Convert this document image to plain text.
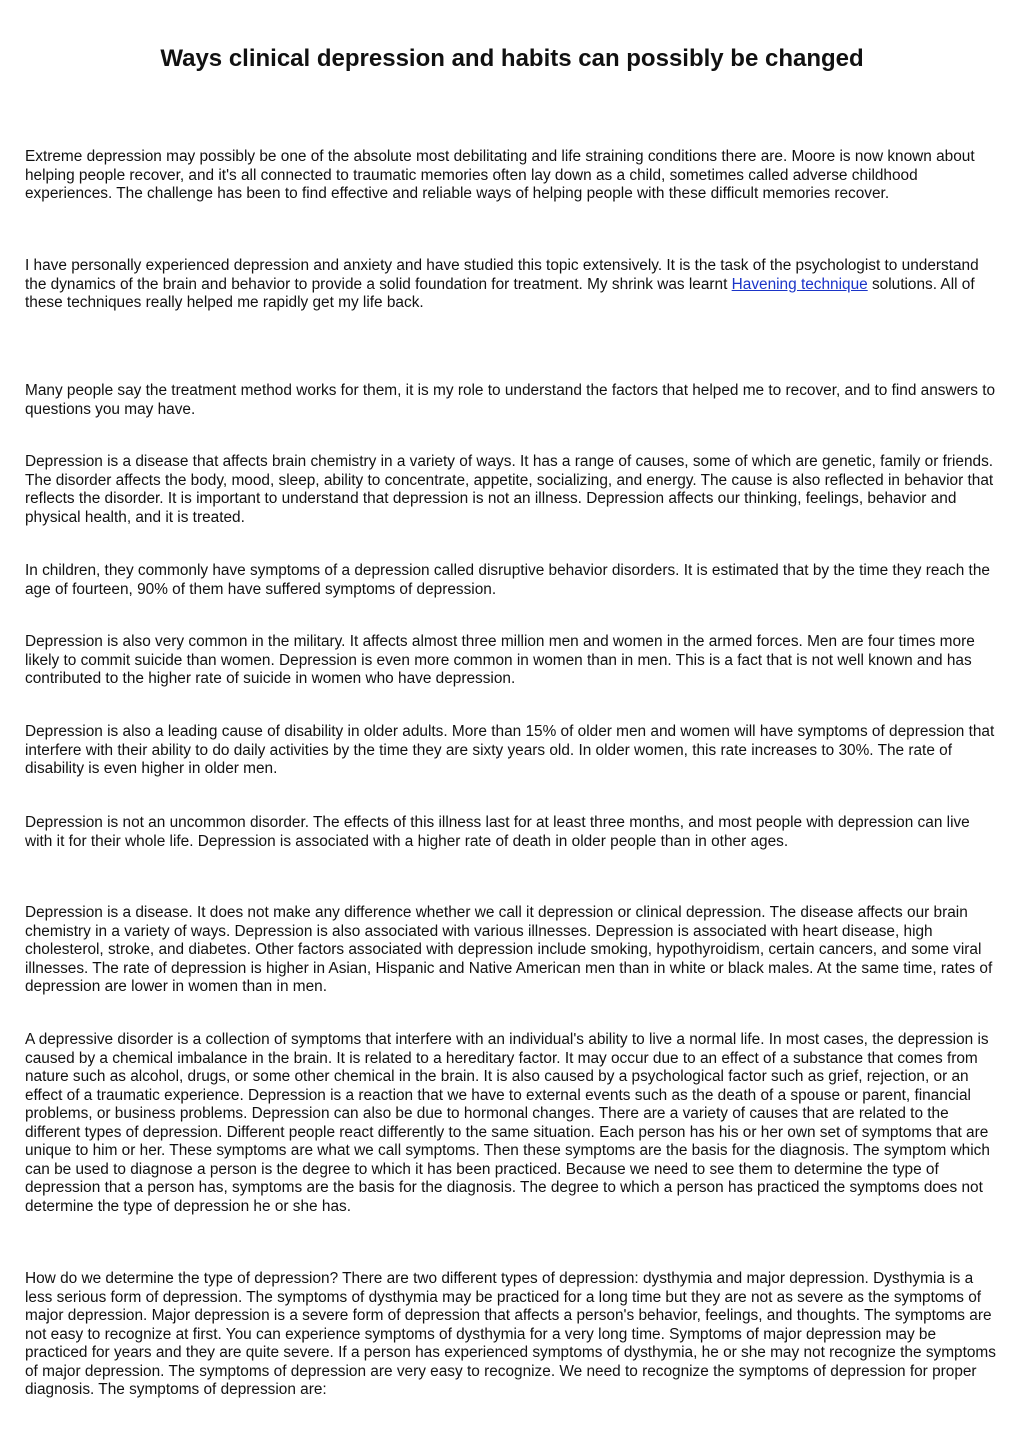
Ways clinical depression and habits can possibly be changed

Extreme depression may possibly be one of the absolute most debilitating and life straining conditions there are. Moore is now known about helping people recover, and it's all connected to traumatic memories often lay down as a child, sometimes called adverse childhood experiences. The challenge has been to find effective and reliable ways of helping people with these difficult memories recover.

I have personally experienced depression and anxiety and have studied this topic extensively. It is the task of the psychologist to understand the dynamics of the brain and behavior to provide a solid foundation for treatment. My shrink was learnt Havening technique solutions. All of these techniques really helped me rapidly get my life back.

Many people say the treatment method works for them, it is my role to understand the factors that helped me to recover, and to find answers to questions you may have.

Depression is a disease that affects brain chemistry in a variety of ways. It has a range of causes, some of which are genetic, family or friends. The disorder affects the body, mood, sleep, ability to concentrate, appetite, socializing, and energy. The cause is also reflected in behavior that reflects the disorder. It is important to understand that depression is not an illness. Depression affects our thinking, feelings, behavior and physical health, and it is treated.

In children, they commonly have symptoms of a depression called disruptive behavior disorders. It is estimated that by the time they reach the age of fourteen, 90% of them have suffered symptoms of depression.

Depression is also very common in the military. It affects almost three million men and women in the armed forces. Men are four times more likely to commit suicide than women. Depression is even more common in women than in men. This is a fact that is not well known and has contributed to the higher rate of suicide in women who have depression.

Depression is also a leading cause of disability in older adults. More than 15% of older men and women will have symptoms of depression that interfere with their ability to do daily activities by the time they are sixty years old. In older women, this rate increases to 30%. The rate of disability is even higher in older men.

Depression is not an uncommon disorder. The effects of this illness last for at least three months, and most people with depression can live with it for their whole life. Depression is associated with a higher rate of death in older people than in other ages.

Depression is a disease. It does not make any difference whether we call it depression or clinical depression. The disease affects our brain chemistry in a variety of ways. Depression is also associated with various illnesses. Depression is associated with heart disease, high cholesterol, stroke, and diabetes. Other factors associated with depression include smoking, hypothyroidism, certain cancers, and some viral illnesses. The rate of depression is higher in Asian, Hispanic and Native American men than in white or black males. At the same time, rates of depression are lower in women than in men.

A depressive disorder is a collection of symptoms that interfere with an individual's ability to live a normal life. In most cases, the depression is caused by a chemical imbalance in the brain. It is related to a hereditary factor. It may occur due to an effect of a substance that comes from nature such as alcohol, drugs, or some other chemical in the brain. It is also caused by a psychological factor such as grief, rejection, or an effect of a traumatic experience. Depression is a reaction that we have to external events such as the death of a spouse or parent, financial problems, or business problems. Depression can also be due to hormonal changes. There are a variety of causes that are related to the different types of depression. Different people react differently to the same situation. Each person has his or her own set of symptoms that are unique to him or her. These symptoms are what we call symptoms. Then these symptoms are the basis for the diagnosis. The symptom which can be used to diagnose a person is the degree to which it has been practiced. Because we need to see them to determine the type of depression that a person has, symptoms are the basis for the diagnosis. The degree to which a person has practiced the symptoms does not determine the type of depression he or she has.

How do we determine the type of depression? There are two different types of depression: dysthymia and major depression. Dysthymia is a less serious form of depression. The symptoms of dysthymia may be practiced for a long time but they are not as severe as the symptoms of major depression. Major depression is a severe form of depression that affects a person's behavior, feelings, and thoughts. The symptoms are not easy to recognize at first. You can experience symptoms of dysthymia for a very long time. Symptoms of major depression may be practiced for years and they are quite severe. If a person has experienced symptoms of dysthymia, he or she may not recognize the symptoms of major depression. The symptoms of depression are very easy to recognize. We need to recognize the symptoms of depression for proper diagnosis. The symptoms of depression are:
